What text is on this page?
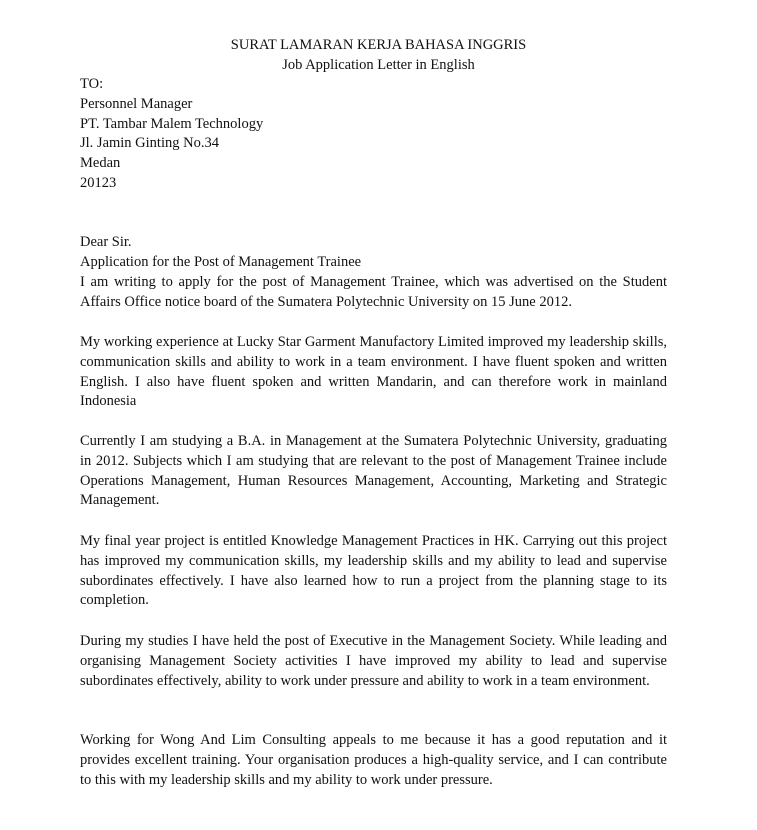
SURAT LAMARAN KERJA BAHASA INGGRIS
Job Application Letter in English
TO:
Personnel Manager
PT. Tambar Malem Technology
Jl. Jamin Ginting No.34
Medan
20123
Dear Sir.
Application for the Post of Management Trainee

I am writing to apply for the post of Management Trainee, which was advertised on the Student Affairs Office notice board of the Sumatera Polytechnic University on 15 June 2012.

My working experience at Lucky Star Garment Manufactory Limited improved my leadership skills, communication skills and ability to work in a team environment. I have fluent spoken and written English. I also have fluent spoken and written Mandarin, and can therefore work in mainland Indonesia

Currently I am studying a B.A. in Management at the Sumatera Polytechnic University, graduating in 2012. Subjects which I am studying that are relevant to the post of Management Trainee include Operations Management, Human Resources Management, Accounting, Marketing and Strategic Management.

My final year project is entitled Knowledge Management Practices in HK. Carrying out this project has improved my communication skills, my leadership skills and my ability to lead and supervise subordinates effectively. I have also learned how to run a project from the planning stage to its completion.

During my studies I have held the post of Executive in the Management Society. While leading and organising Management Society activities I have improved my ability to lead and supervise subordinates effectively, ability to work under pressure and ability to work in a team environment.

Working for Wong And Lim Consulting appeals to me because it has a good reputation and it provides excellent training. Your organisation produces a high-quality service, and I can contribute to this with my leadership skills and my ability to work under pressure.
